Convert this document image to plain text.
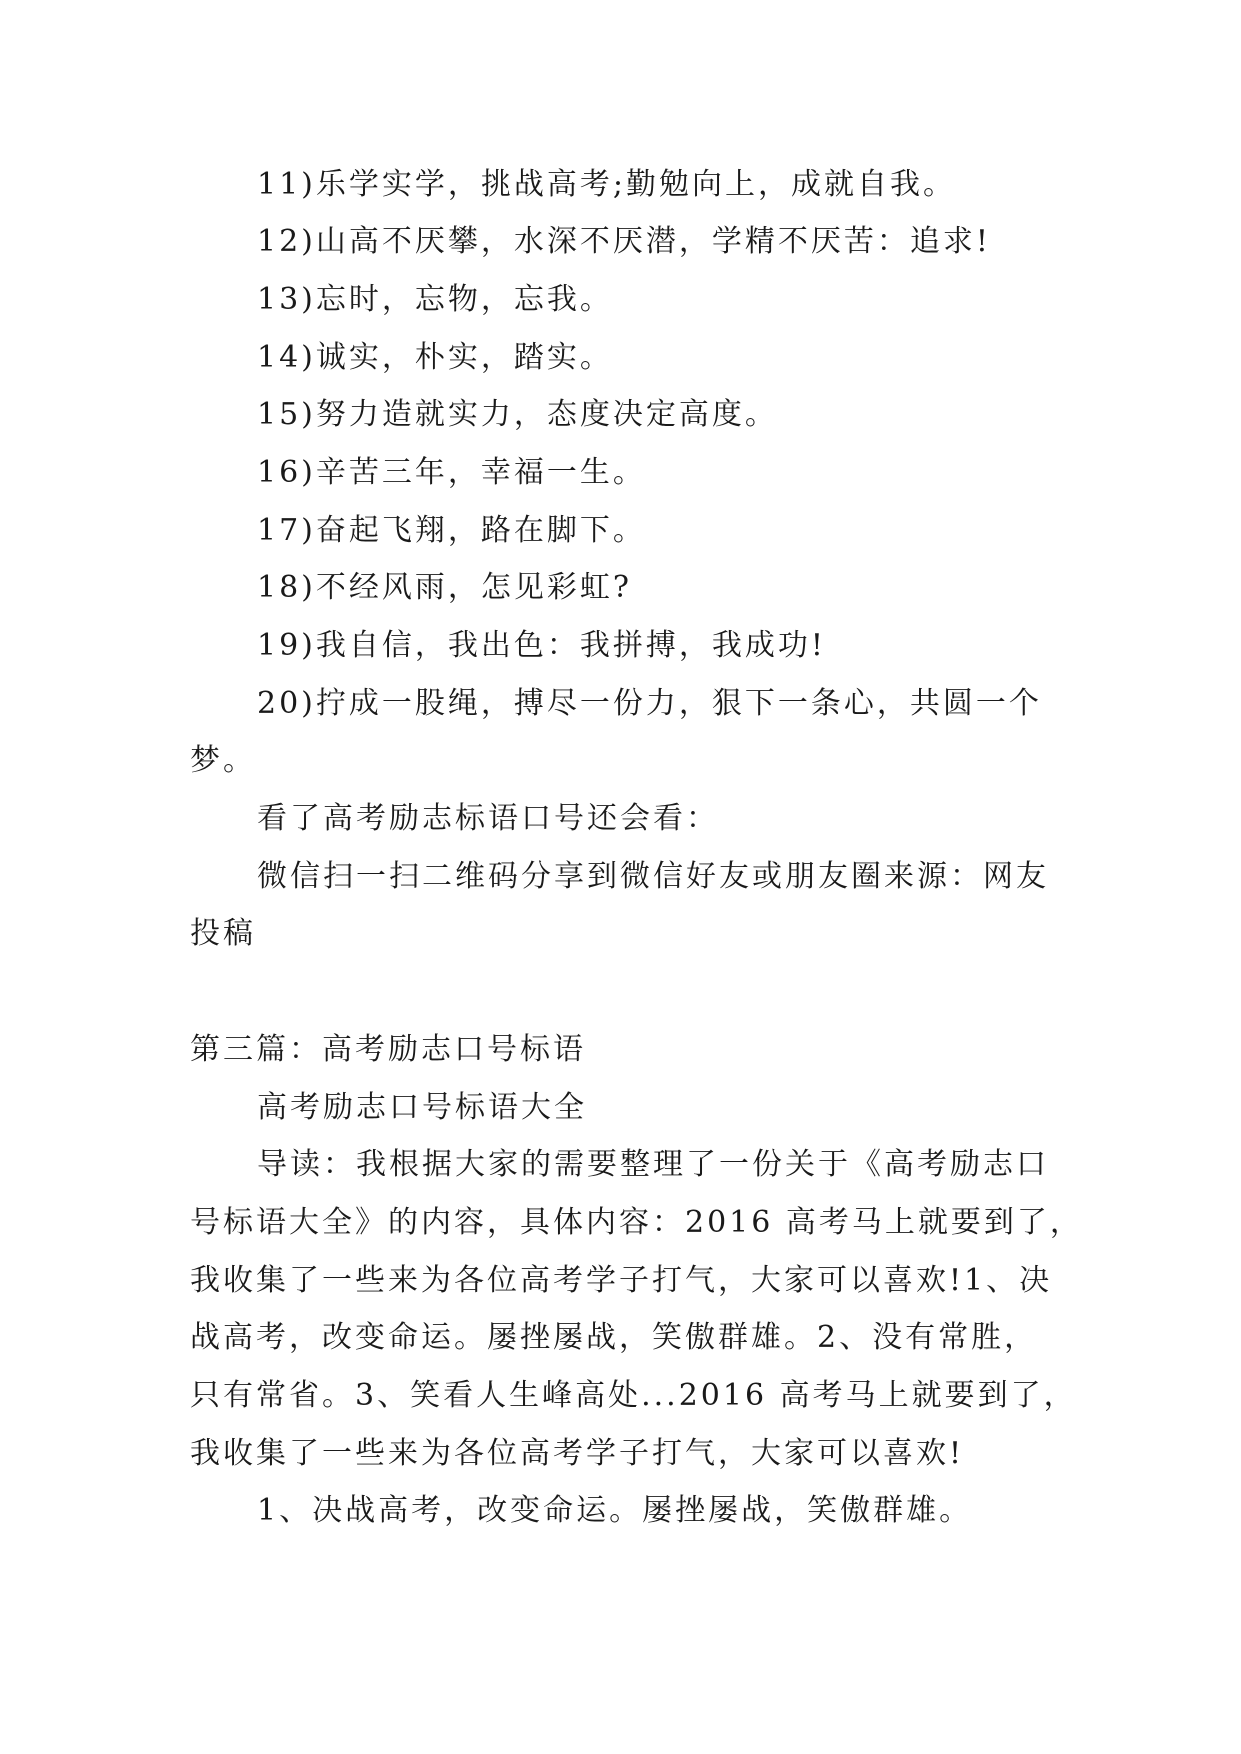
11)乐学实学，挑战高考;勤勉向上，成就自我。
12)山高不厌攀，水深不厌潜，学精不厌苦：追求!
13)忘时，忘物，忘我。
14)诚实，朴实，踏实。
15)努力造就实力，态度决定高度。
16)辛苦三年，幸福一生。
17)奋起飞翔，路在脚下。
18)不经风雨，怎见彩虹?
19)我自信，我出色：我拼搏，我成功!
20)拧成一股绳，搏尽一份力，狠下一条心，共圆一个
梦。
看了高考励志标语口号还会看：
微信扫一扫二维码分享到微信好友或朋友圈来源：网友
投稿
第三篇：高考励志口号标语
高考励志口号标语大全
导读：我根据大家的需要整理了一份关于《高考励志口
号标语大全》的内容，具体内容：2016 高考马上就要到了，
我收集了一些来为各位高考学子打气，大家可以喜欢!1、决
战高考，改变命运。屡挫屡战，笑傲群雄。2、没有常胜，
只有常省。3、笑看人生峰高处...2016 高考马上就要到了，
我收集了一些来为各位高考学子打气，大家可以喜欢!
1、决战高考，改变命运。屡挫屡战，笑傲群雄。
